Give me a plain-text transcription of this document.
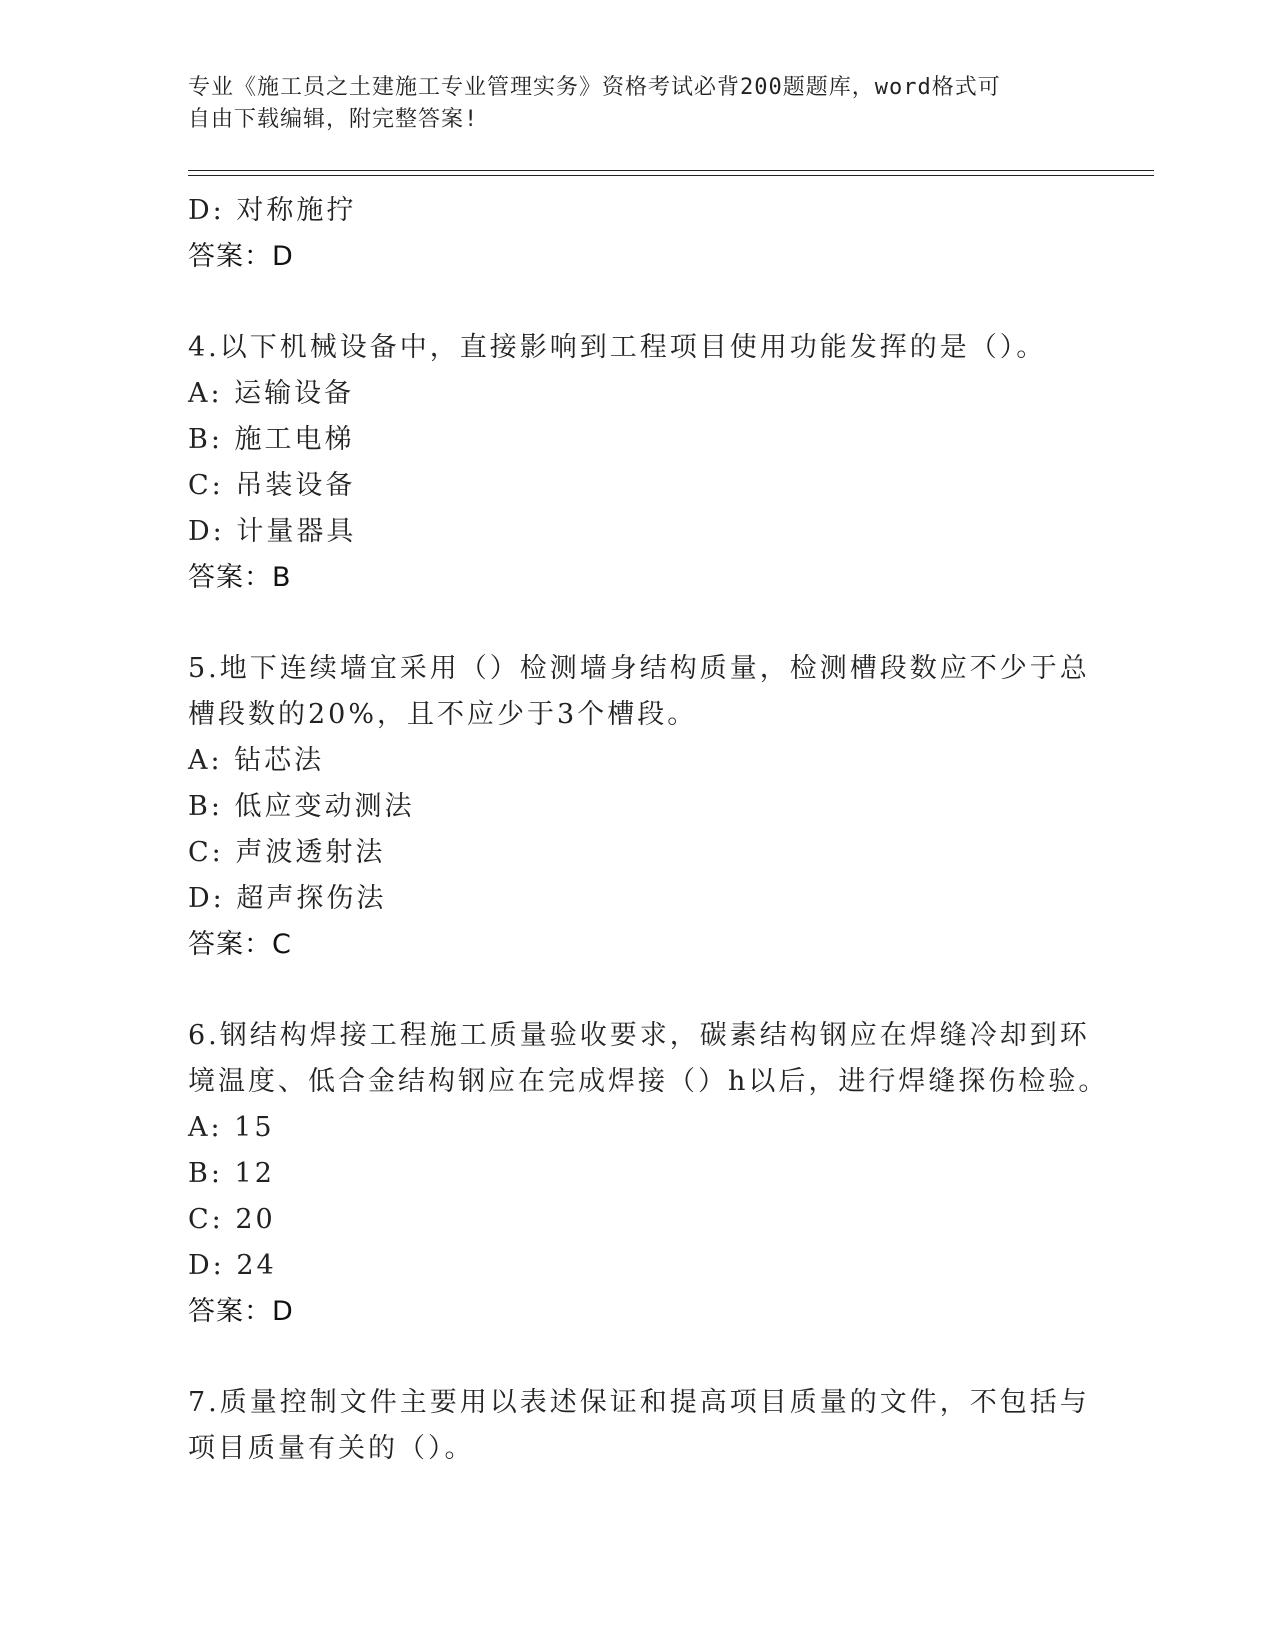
专业《施工员之土建施工专业管理实务》资格考试必背200题题库，word格式可
自由下载编辑，附完整答案!
D: 对称施拧
答案：D
4.以下机械设备中，直接影响到工程项目使用功能发挥的是（）。
A: 运输设备
B: 施工电梯
C: 吊装设备
D: 计量器具
答案：B
5.地下连续墙宜采用（）检测墙身结构质量，检测槽段数应不少于总
槽段数的20%，且不应少于3个槽段。
A: 钻芯法
B: 低应变动测法
C: 声波透射法
D: 超声探伤法
答案：C
6.钢结构焊接工程施工质量验收要求，碳素结构钢应在焊缝冷却到环
境温度、低合金结构钢应在完成焊接（）h以后，进行焊缝探伤检验。
A: 15
B: 12
C: 20
D: 24
答案：D
7.质量控制文件主要用以表述保证和提高项目质量的文件，不包括与
项目质量有关的（）。
